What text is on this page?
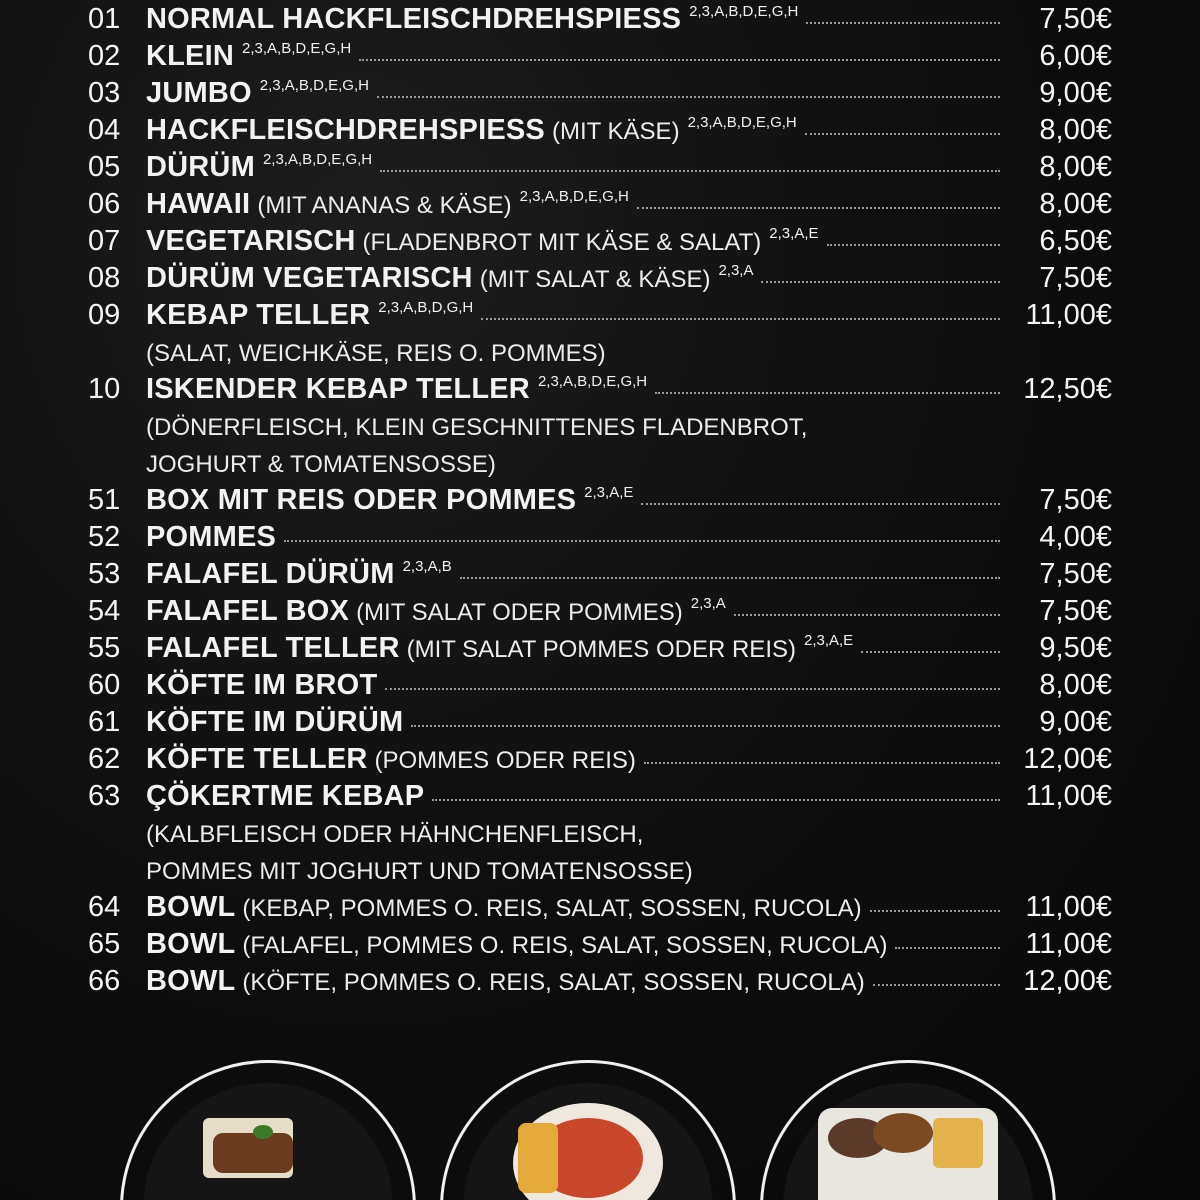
01 NORMAL HACKFLEISCHDREHSPIESS 2,3,A,B,D,E,G,H	7,50€
02 KLEIN 2,3,A,B,D,E,G,H	6,00€
03 JUMBO 2,3,A,B,D,E,G,H	9,00€
04 HACKFLEISCHDREHSPIESS (MIT KÄSE) 2,3,A,B,D,E,G,H	8,00€
05 DÜRÜM 2,3,A,B,D,E,G,H	8,00€
06 HAWAII (MIT ANANAS & KÄSE) 2,3,A,B,D,E,G,H	8,00€
07 VEGETARISCH (FLADENBROT MIT KÄSE & SALAT) 2,3,A,E	6,50€
08 DÜRÜM VEGETARISCH (MIT SALAT & KÄSE) 2,3,A	7,50€
09 KEBAP TELLER 2,3,A,B,D,G,H	11,00€
(SALAT, WEICHKÄSE, REIS O. POMMES)
10 ISKENDER KEBAP TELLER 2,3,A,B,D,E,G,H	12,50€
(DÖNERFLEISCH, KLEIN GESCHNITTENES FLADENBROT,
JOGHURT & TOMATENSOSSE)
51 BOX MIT REIS ODER POMMES 2,3,A,E	7,50€
52 POMMES	4,00€
53 FALAFEL DÜRÜM 2,3,A,B	7,50€
54 FALAFEL BOX (MIT SALAT ODER POMMES) 2,3,A	7,50€
55 FALAFEL TELLER (MIT SALAT POMMES ODER REIS) 2,3,A,E	9,50€
60 KÖFTE IM BROT	8,00€
61 KÖFTE IM DÜRÜM	9,00€
62 KÖFTE TELLER (POMMES ODER REIS)	12,00€
63 ÇÖKERTME KEBAP	11,00€
(KALBFLEISCH ODER HÄHNCHENFLEISCH,
POMMES MIT JOGHURT UND TOMATENSOSSE)
64 BOWL (KEBAP, POMMES O. REIS, SALAT, SOSSEN, RUCOLA)	11,00€
65 BOWL (FALAFEL, POMMES O. REIS, SALAT, SOSSEN, RUCOLA)	11,00€
66 BOWL (KÖFTE, POMMES O. REIS, SALAT, SOSSEN, RUCOLA)	12,00€
